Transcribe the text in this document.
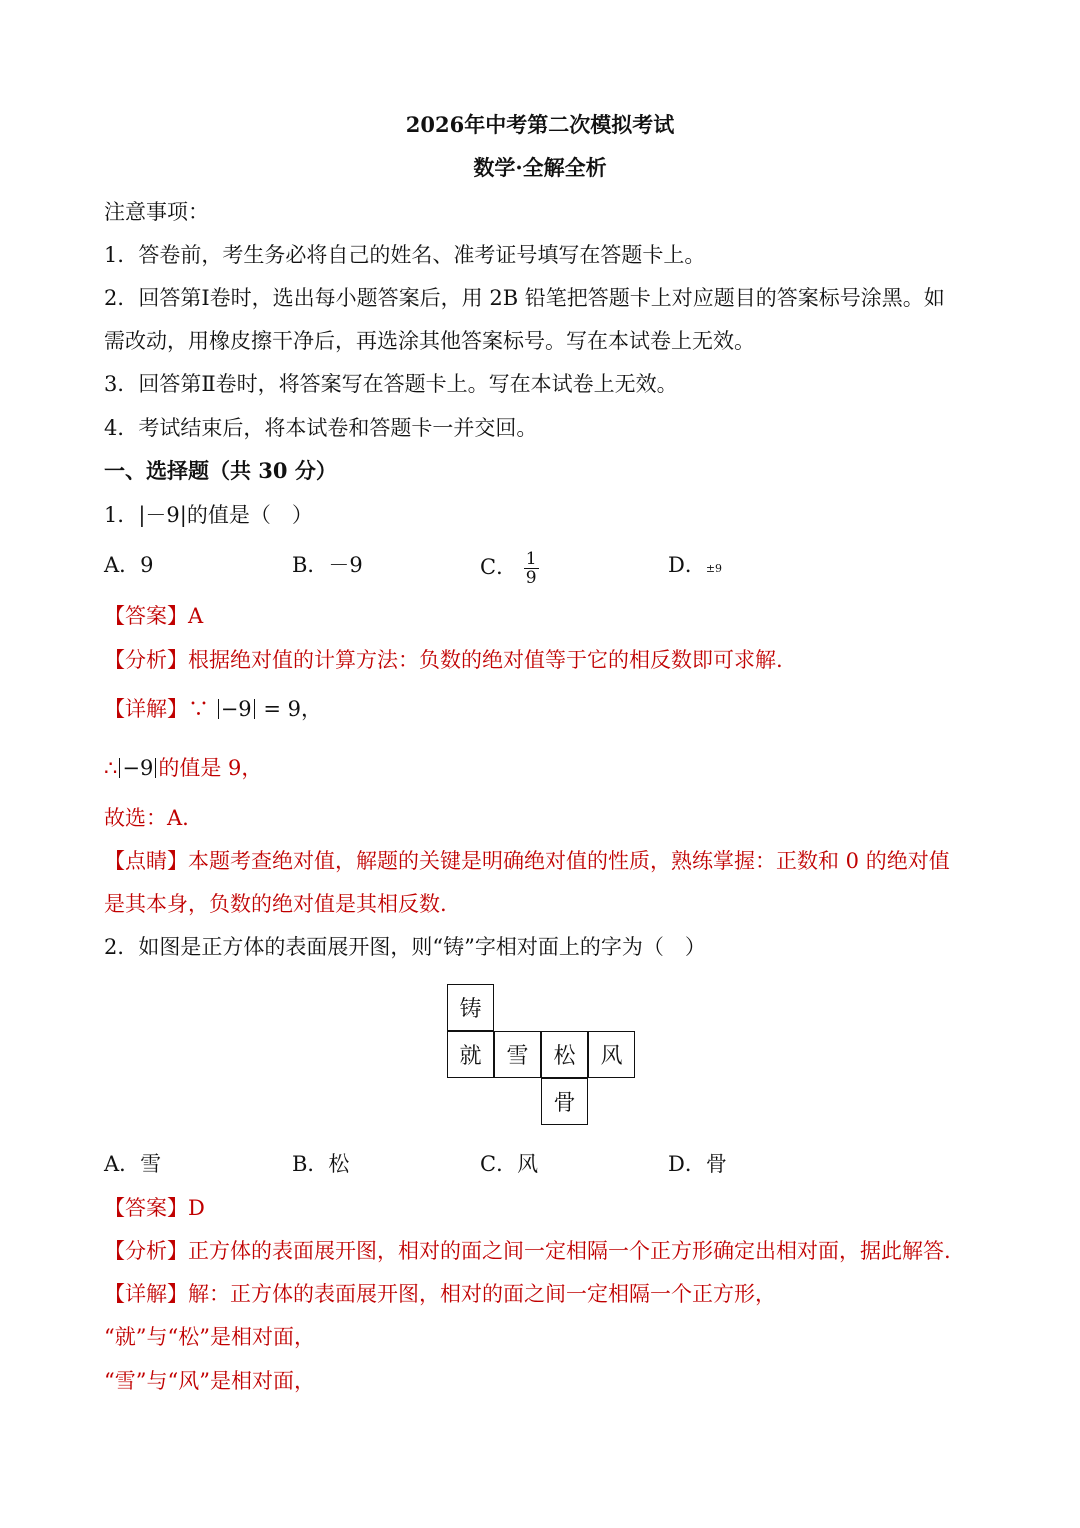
2026年中考第二次模拟考试
数学·全解全析
注意事项：
1．答卷前，考生务必将自己的姓名、准考证号填写在答题卡上。
2．回答第Ⅰ卷时，选出每小题答案后，用 2B 铅笔把答题卡上对应题目的答案标号涂黑。如
需改动，用橡皮擦干净后，再选涂其他答案标号。写在本试卷上无效。
3．回答第Ⅱ卷时，将答案写在答题卡上。写在本试卷上无效。
4．考试结束后，将本试卷和答题卡一并交回。
一、选择题（共 30 分）
1．|－9|的值是（　）
A．9	B．－9	C． $\frac{1}{9}$	D．±9
【答案】A
【分析】根据绝对值的计算方法：负数的绝对值等于它的相反数即可求解.
【详解】∵ −9 = 9，
∴ −9 的值是 9，
故选：A.
【点睛】本题考查绝对值，解题的关键是明确绝对值的性质，熟练掌握：正数和 0 的绝对值
是其本身，负数的绝对值是其相反数.
2．如图是正方体的表面展开图，则“铸”字相对面上的字为（　）
铸
就	雪	松	风
骨
A．雪	B．松	C．风	D．骨
【答案】D
【分析】正方体的表面展开图，相对的面之间一定相隔一个正方形确定出相对面，据此解答.
【详解】解：正方体的表面展开图，相对的面之间一定相隔一个正方形，
“就”与“松”是相对面，
“雪”与“风”是相对面，
